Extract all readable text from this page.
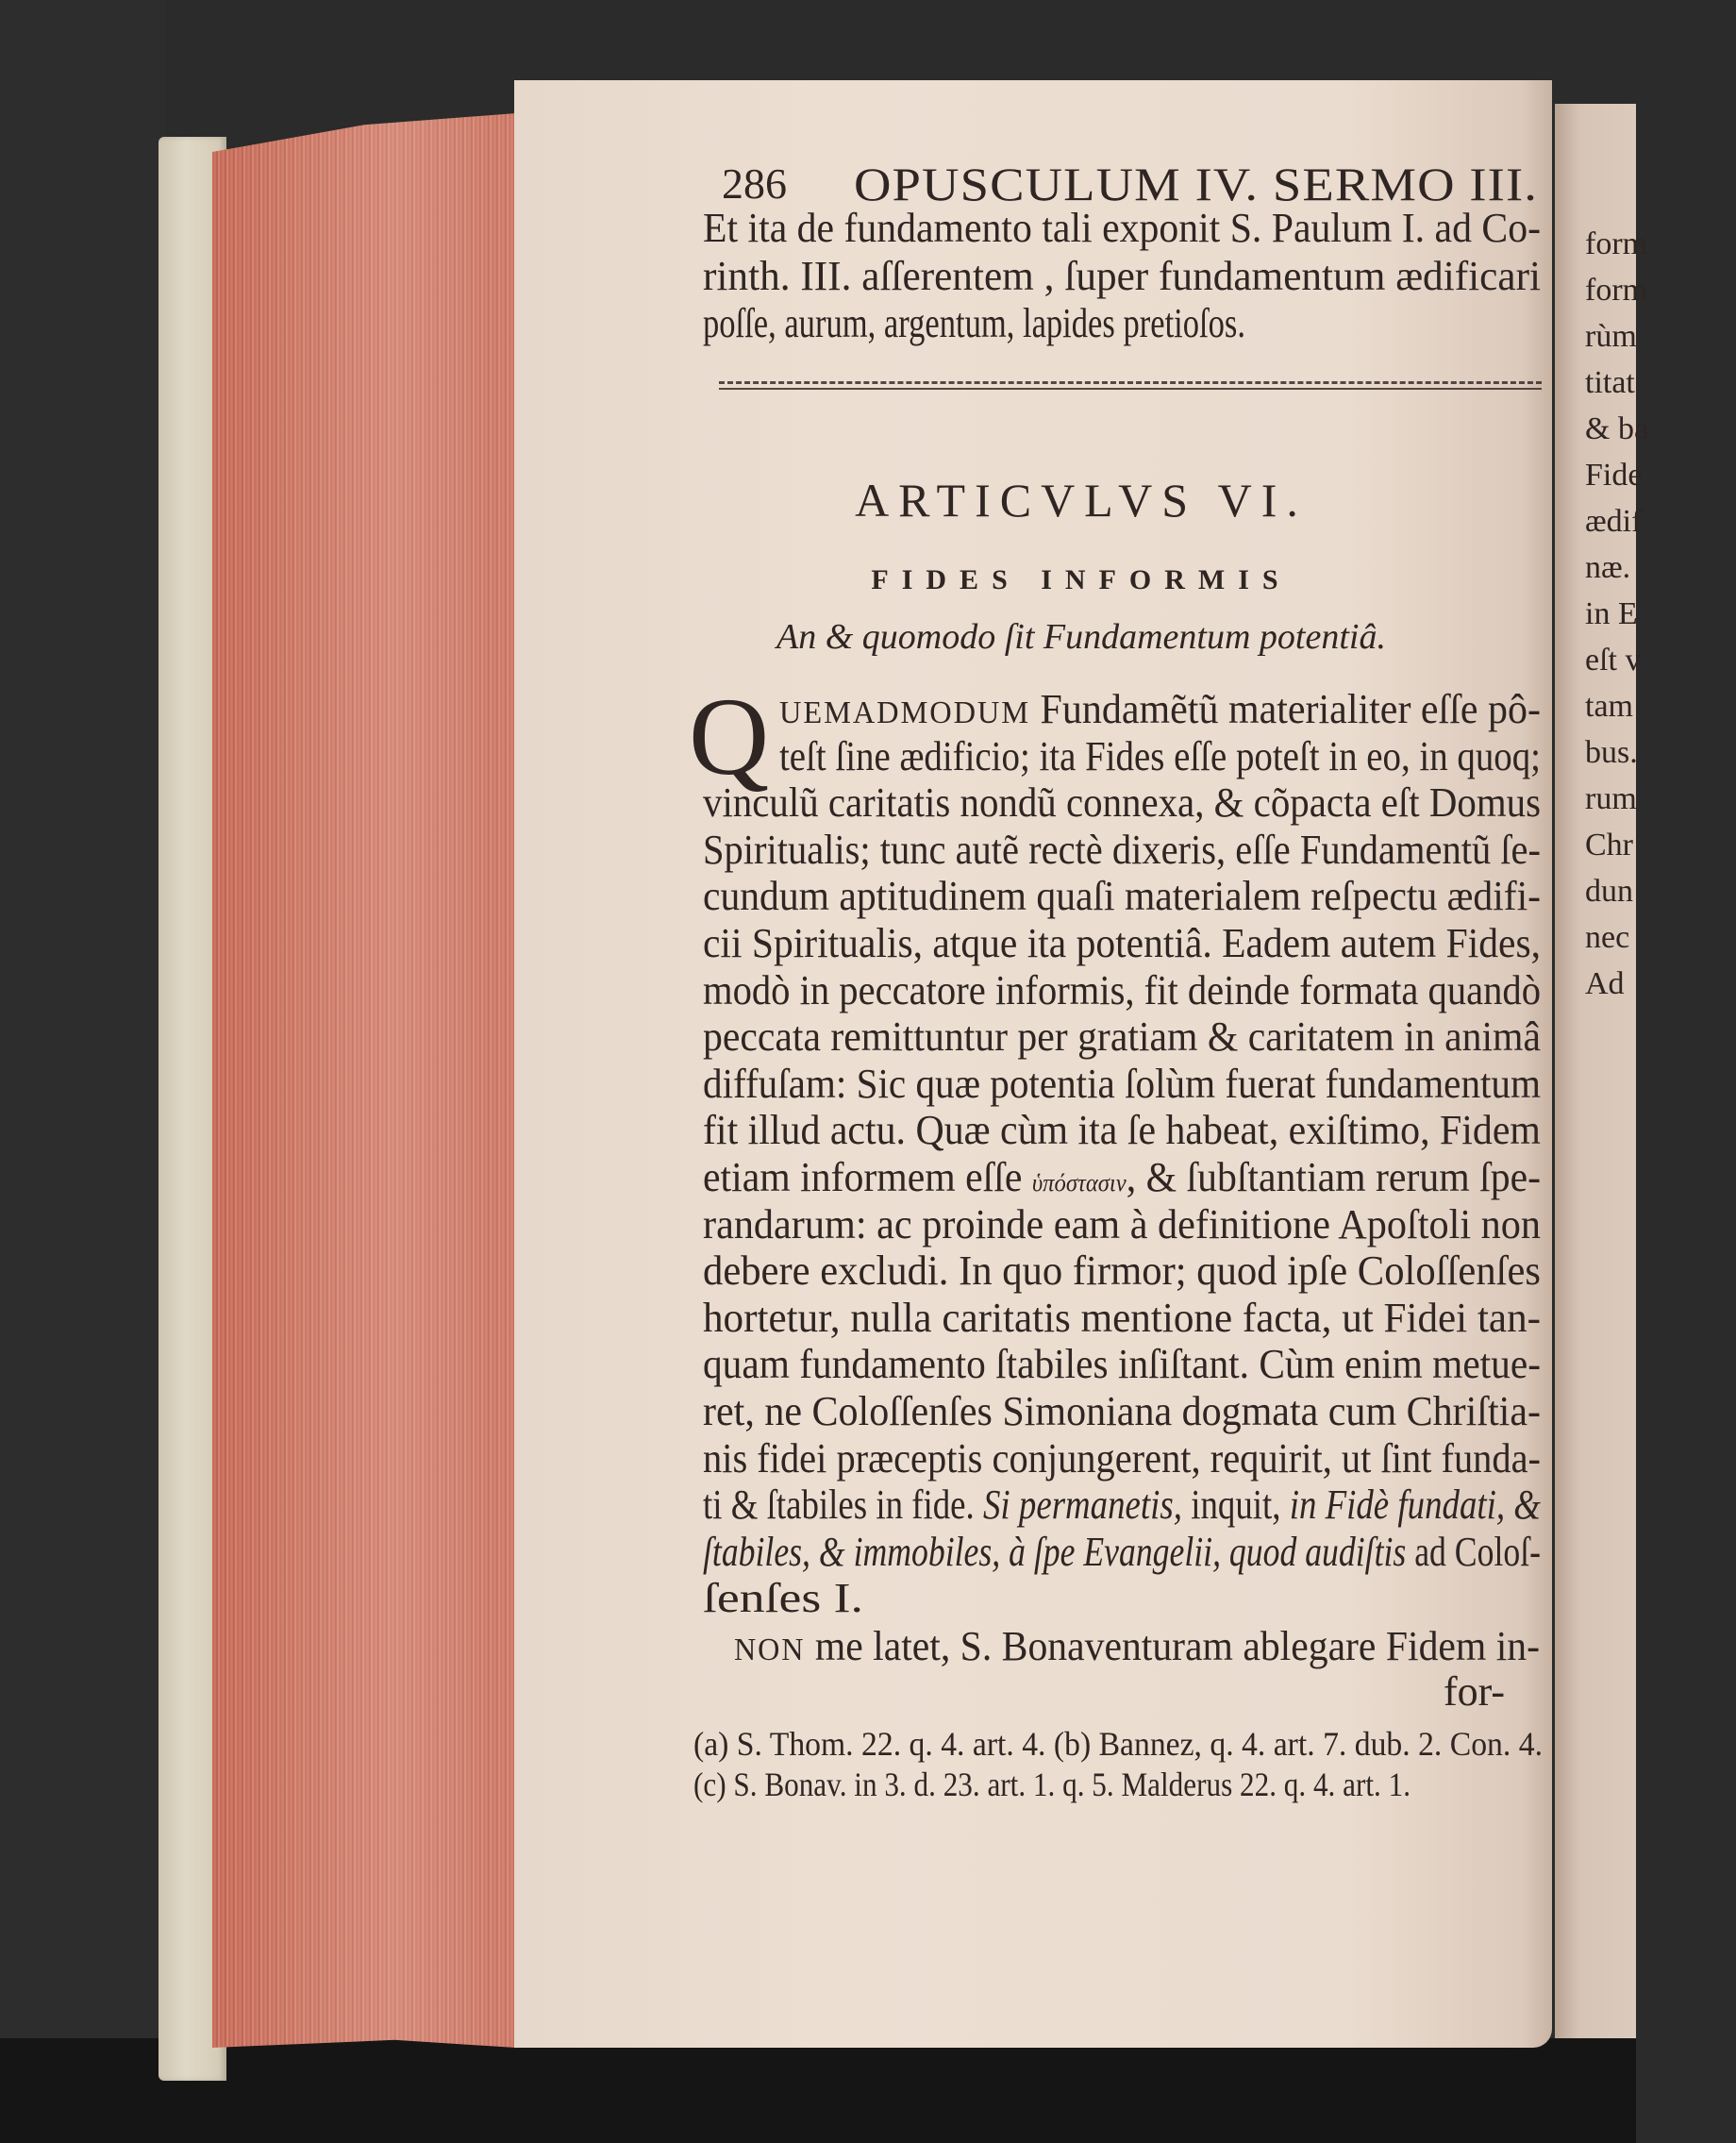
form
form
rùm
titat
& ba
Fide
ædif
næ.
in E
eſt v
tam
bus.
rum
Chr
dun
nec
Ad
286 OPUSCULUM IV. SERMO III.
Et ita de fundamento tali exponit S. Paulum I. ad Co-
rinth. III. aſſerentem , ſuper fundamentum ædificari
poſſe, aurum, argentum, lapides pretioſos.
ARTICVLVS VI.
FIDES INFORMIS
An & quomodo ſit Fundamentum potentiâ.
Q UEMADMODUM Fundamẽtũ materialiter eſſe pô-
teſt ſine ædificio; ita Fides eſſe poteſt in eo, in quoq;
vinculũ caritatis nondũ connexa, & cõpacta eſt Domus
Spiritualis; tunc autẽ rectè dixeris, eſſe Fundamentũ ſe-
cundum aptitudinem quaſi materialem reſpectu ædifi-
cii Spiritualis, atque ita potentiâ. Eadem autem Fides,
modò in peccatore informis, fit deinde formata quandò
peccata remittuntur per gratiam & caritatem in animâ
diffuſam: Sic quæ potentia ſolùm fuerat fundamentum
fit illud actu. Quæ cùm ita ſe habeat, exiſtimo, Fidem
etiam informem eſſe ὑπόστασιν, & ſubſtantiam rerum ſpe-
randarum: ac proinde eam à definitione Apoſtoli non
debere excludi. In quo firmor; quod ipſe Coloſſenſes
hortetur, nulla caritatis mentione facta, ut Fidei tan-
quam fundamento ſtabiles inſiſtant. Cùm enim metue-
ret, ne Coloſſenſes Simoniana dogmata cum Chriſtia-
nis fidei præceptis conjungerent, requirit, ut ſint funda-
ti & ſtabiles in fide. Si permanetis, inquit, in Fidè fundati, &
ſtabiles, & immobiles, à ſpe Evangelii, quod audiſtis ad Coloſ-
ſenſes I.
NON me latet, S. Bonaventuram ablegare Fidem in-
for-
(a) S. Thom. 22. q. 4. art. 4. (b) Bannez, q. 4. art. 7. dub. 2. Con. 4.
(c) S. Bonav. in 3. d. 23. art. 1. q. 5. Malderus 22. q. 4. art. 1.
